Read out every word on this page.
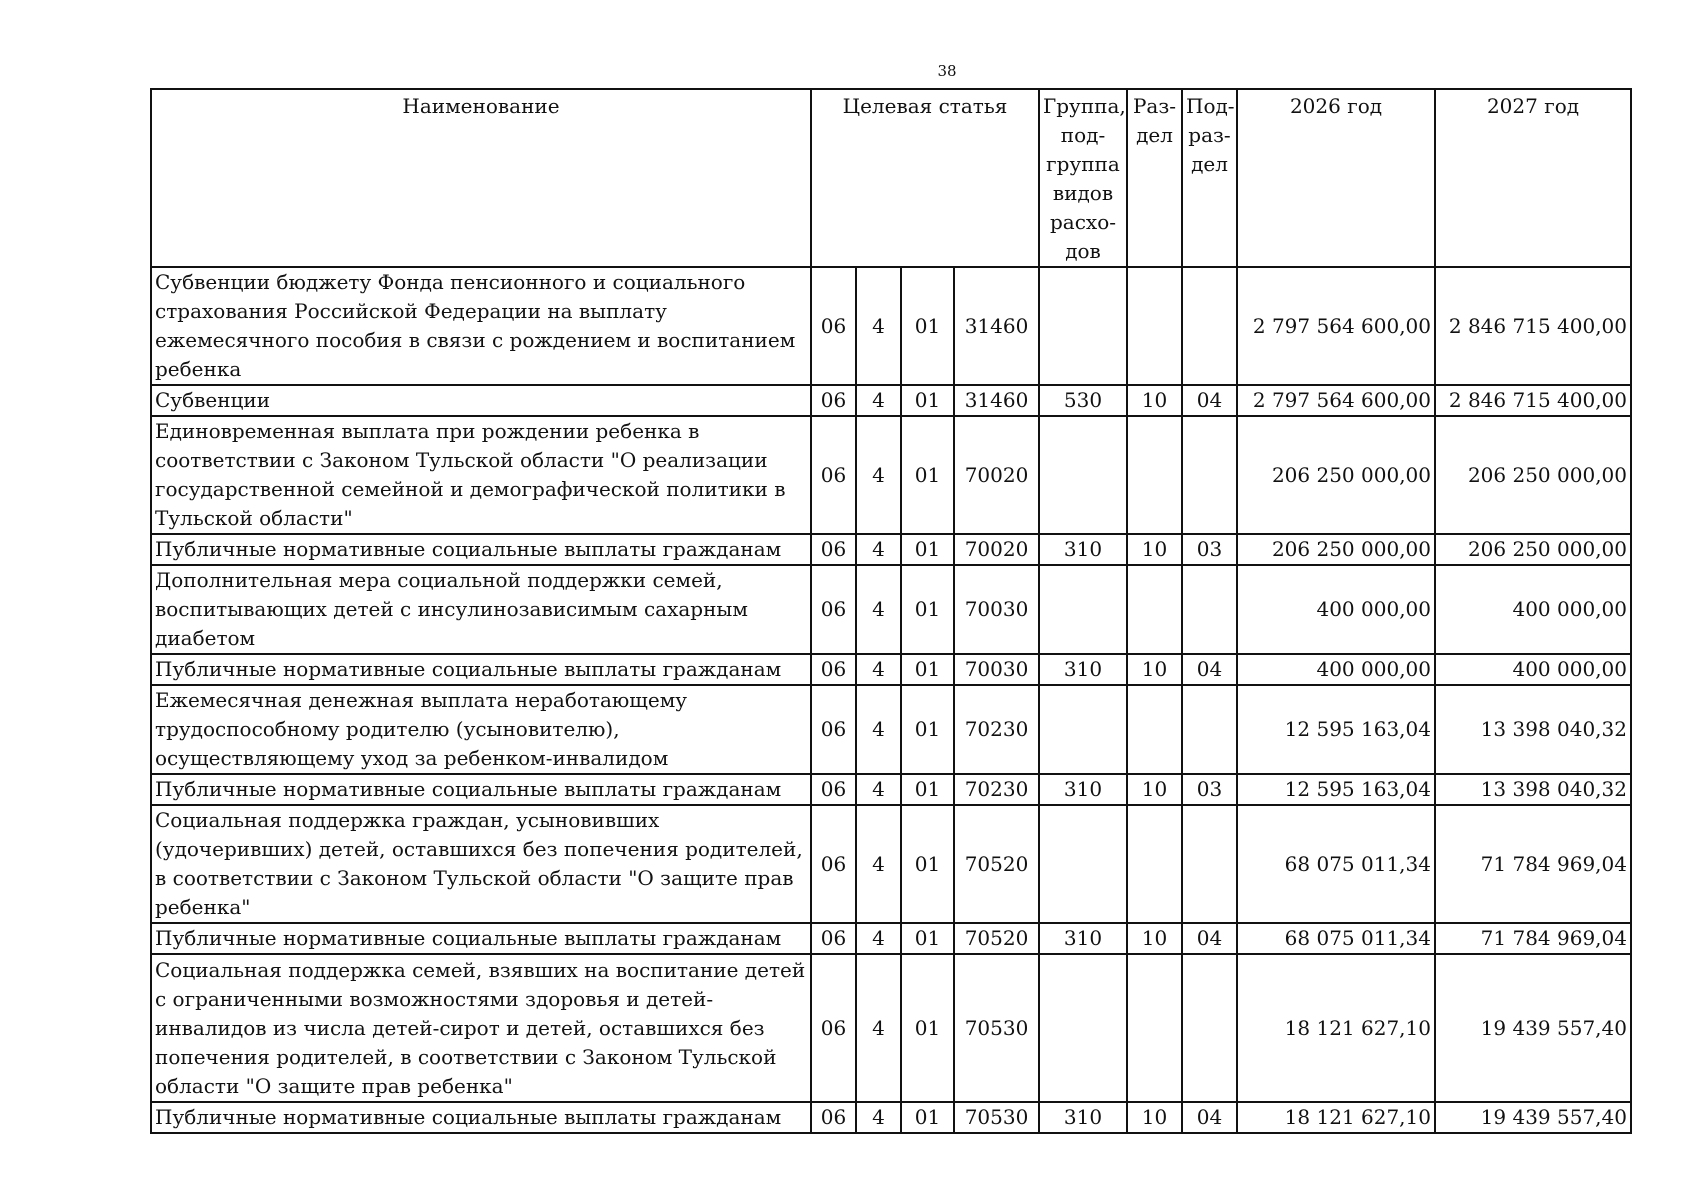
38
Наименование	Целевая статья				Группа, под-группа видов расхо-дов	Раз-дел	Под-раз-дел	2026 год	2027 год
Субвенции бюджету Фонда пенсионного и социального страхования Российской Федерации на выплату ежемесячного пособия в связи с рождением и воспитанием ребенка	06	4	01	31460				2 797 564 600,00	2 846 715 400,00
Субвенции	06	4	01	31460	530	10	04	2 797 564 600,00	2 846 715 400,00
Единовременная выплата при рождении ребенка в соответствии с Законом Тульской области "О реализации государственной семейной и демографической политики в Тульской области"	06	4	01	70020				206 250 000,00	206 250 000,00
Публичные нормативные социальные выплаты гражданам	06	4	01	70020	310	10	03	206 250 000,00	206 250 000,00
Дополнительная мера социальной поддержки семей, воспитывающих детей с инсулинозависимым сахарным диабетом	06	4	01	70030				400 000,00	400 000,00
Публичные нормативные социальные выплаты гражданам	06	4	01	70030	310	10	04	400 000,00	400 000,00
Ежемесячная денежная выплата неработающему трудоспособному родителю (усыновителю), осуществляющему уход за ребенком-инвалидом	06	4	01	70230				12 595 163,04	13 398 040,32
Публичные нормативные социальные выплаты гражданам	06	4	01	70230	310	10	03	12 595 163,04	13 398 040,32
Социальная поддержка граждан, усыновивших (удочеривших) детей, оставшихся без попечения родителей, в соответствии с Законом Тульской области "О защите прав ребенка"	06	4	01	70520				68 075 011,34	71 784 969,04
Публичные нормативные социальные выплаты гражданам	06	4	01	70520	310	10	04	68 075 011,34	71 784 969,04
Социальная поддержка семей, взявших на воспитание детей с ограниченными возможностями здоровья и детей-инвалидов из числа детей-сирот и детей, оставшихся без попечения родителей, в соответствии с Законом Тульской области "О защите прав ребенка"	06	4	01	70530				18 121 627,10	19 439 557,40
Публичные нормативные социальные выплаты гражданам	06	4	01	70530	310	10	04	18 121 627,10	19 439 557,40
